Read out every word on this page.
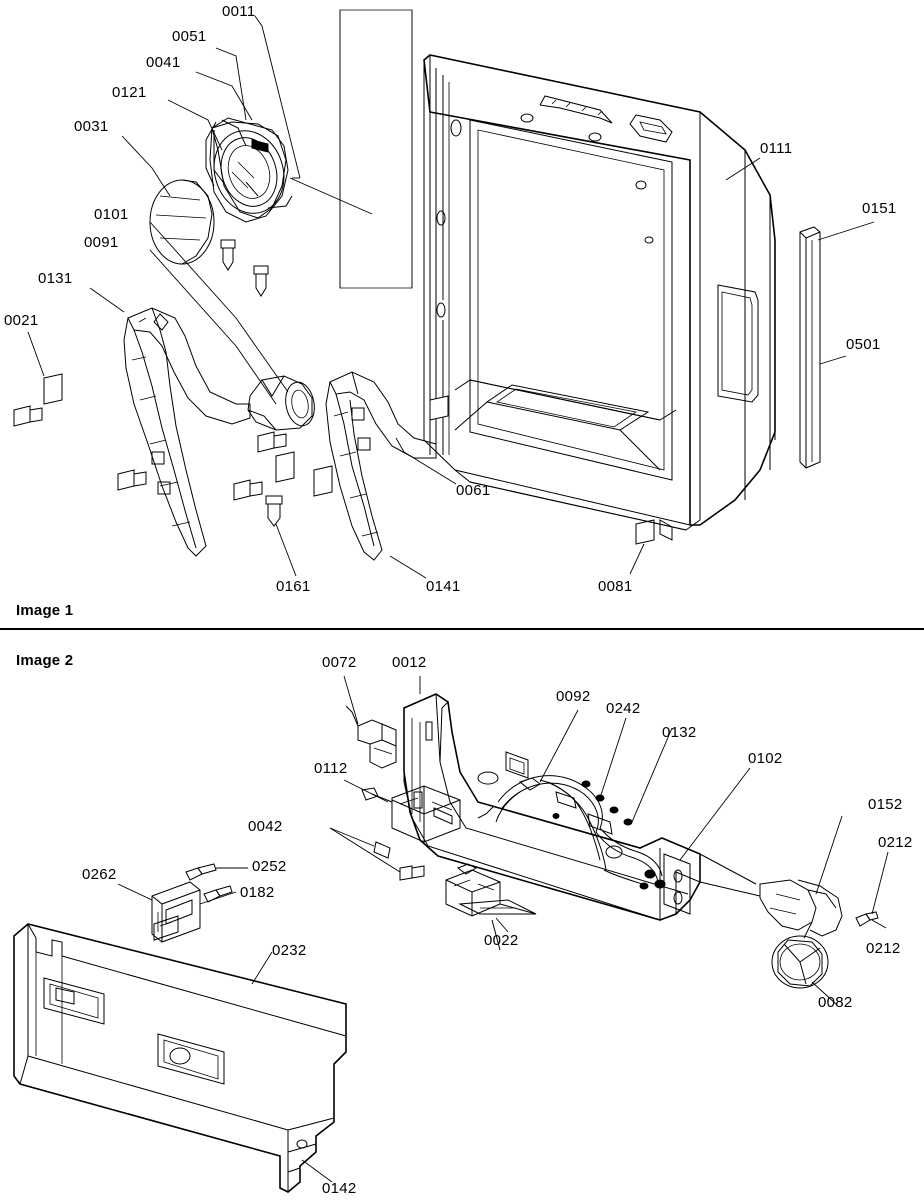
0011
0051
0041
0121
0031
0101
0091
0131
0021
0111
0151
0501
0061
0161	0141	0081
Image 1
0072 0012
0092
0242
0132
0102
0112
0152
0212
0212
0042
0262	0252
0182
0232
0022
0082
0142
Image 2
